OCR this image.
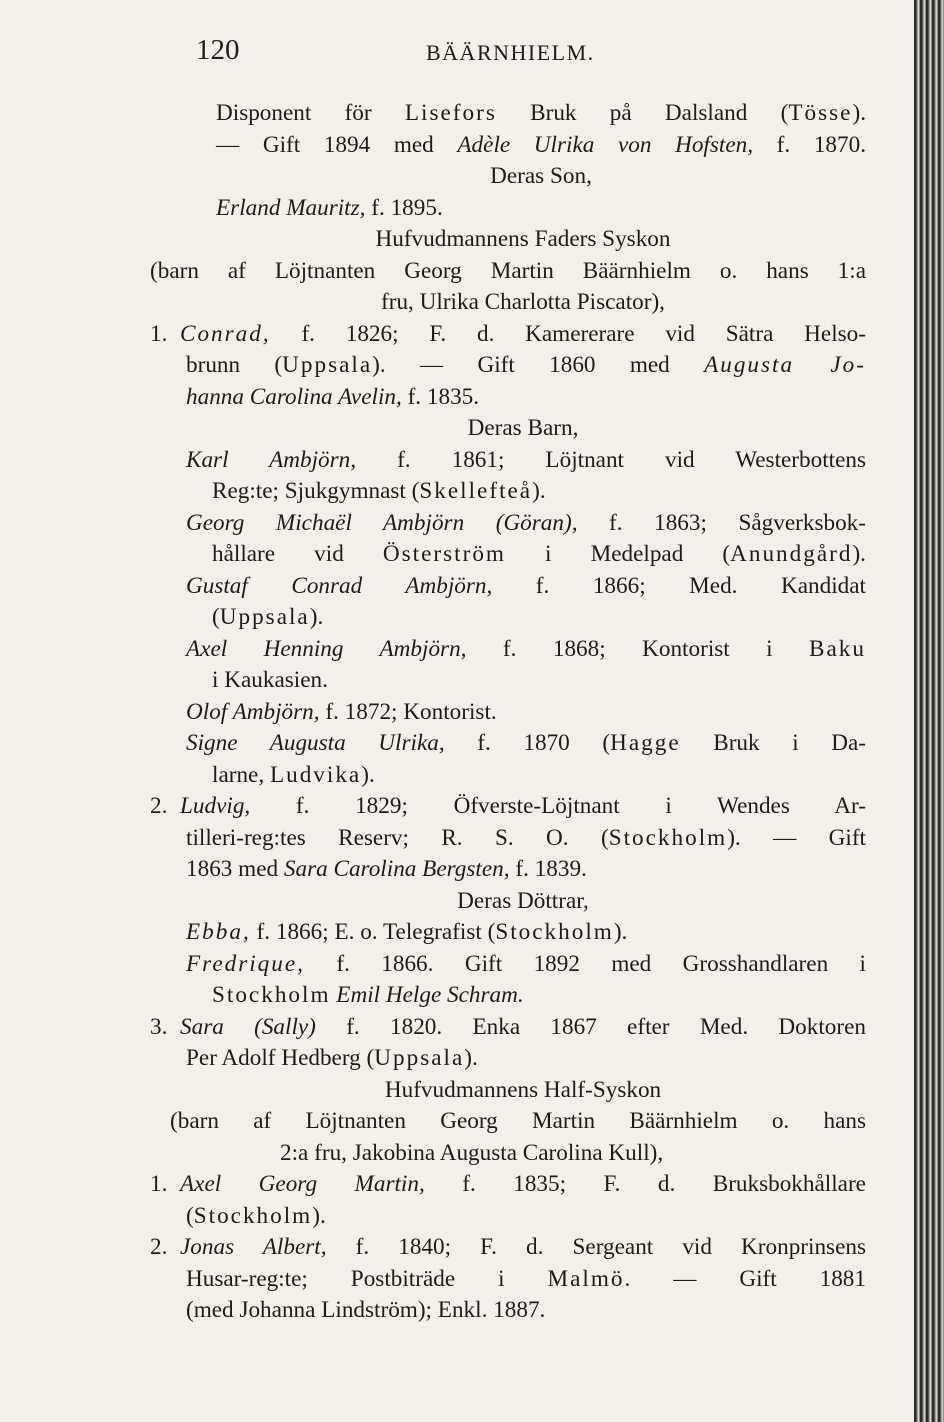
120	BÄÄRNHIELM.
Disponent för Lisefors Bruk på Dalsland (Tösse).
— Gift 1894 med Adèle Ulrika von Hofsten, f. 1870.
Deras Son,
Erland Mauritz, f. 1895.
Hufvudmannens Faders Syskon
(barn af Löjtnanten Georg Martin Bäärnhielm o. hans 1:a
fru, Ulrika Charlotta Piscator),
1. Conrad, f. 1826; F. d. Kamererare vid Sätra Helso-
brunn (Uppsala). — Gift 1860 med Augusta Jo-
hanna Carolina Avelin, f. 1835.
Deras Barn,
Karl Ambjörn, f. 1861; Löjtnant vid Westerbottens
Reg:te; Sjukgymnast (Skellefteå).
Georg Michaël Ambjörn (Göran), f. 1863; Sågverksbok-
hållare vid Österström i Medelpad (Anundgård).
Gustaf Conrad Ambjörn, f. 1866; Med. Kandidat
(Uppsala).
Axel Henning Ambjörn, f. 1868; Kontorist i Baku
i Kaukasien.
Olof Ambjörn, f. 1872; Kontorist.
Signe Augusta Ulrika, f. 1870 (Hagge Bruk i Da-
larne, Ludvika).
2. Ludvig, f. 1829; Öfverste-Löjtnant i Wendes Ar-
tilleri-reg:tes Reserv; R. S. O. (Stockholm). — Gift
1863 med Sara Carolina Bergsten, f. 1839.
Deras Döttrar,
Ebba, f. 1866; E. o. Telegrafist (Stockholm).
Fredrique, f. 1866. Gift 1892 med Grosshandlaren i
Stockholm Emil Helge Schram.
3. Sara (Sally) f. 1820. Enka 1867 efter Med. Doktoren
Per Adolf Hedberg (Uppsala).
Hufvudmannens Half-Syskon
(barn af Löjtnanten Georg Martin Bäärnhielm o. hans
2:a fru, Jakobina Augusta Carolina Kull),
1. Axel Georg Martin, f. 1835; F. d. Bruksbokhållare
(Stockholm).
2. Jonas Albert, f. 1840; F. d. Sergeant vid Kronprinsens
Husar-reg:te; Postbiträde i Malmö. — Gift 1881
(med Johanna Lindström); Enkl. 1887.
